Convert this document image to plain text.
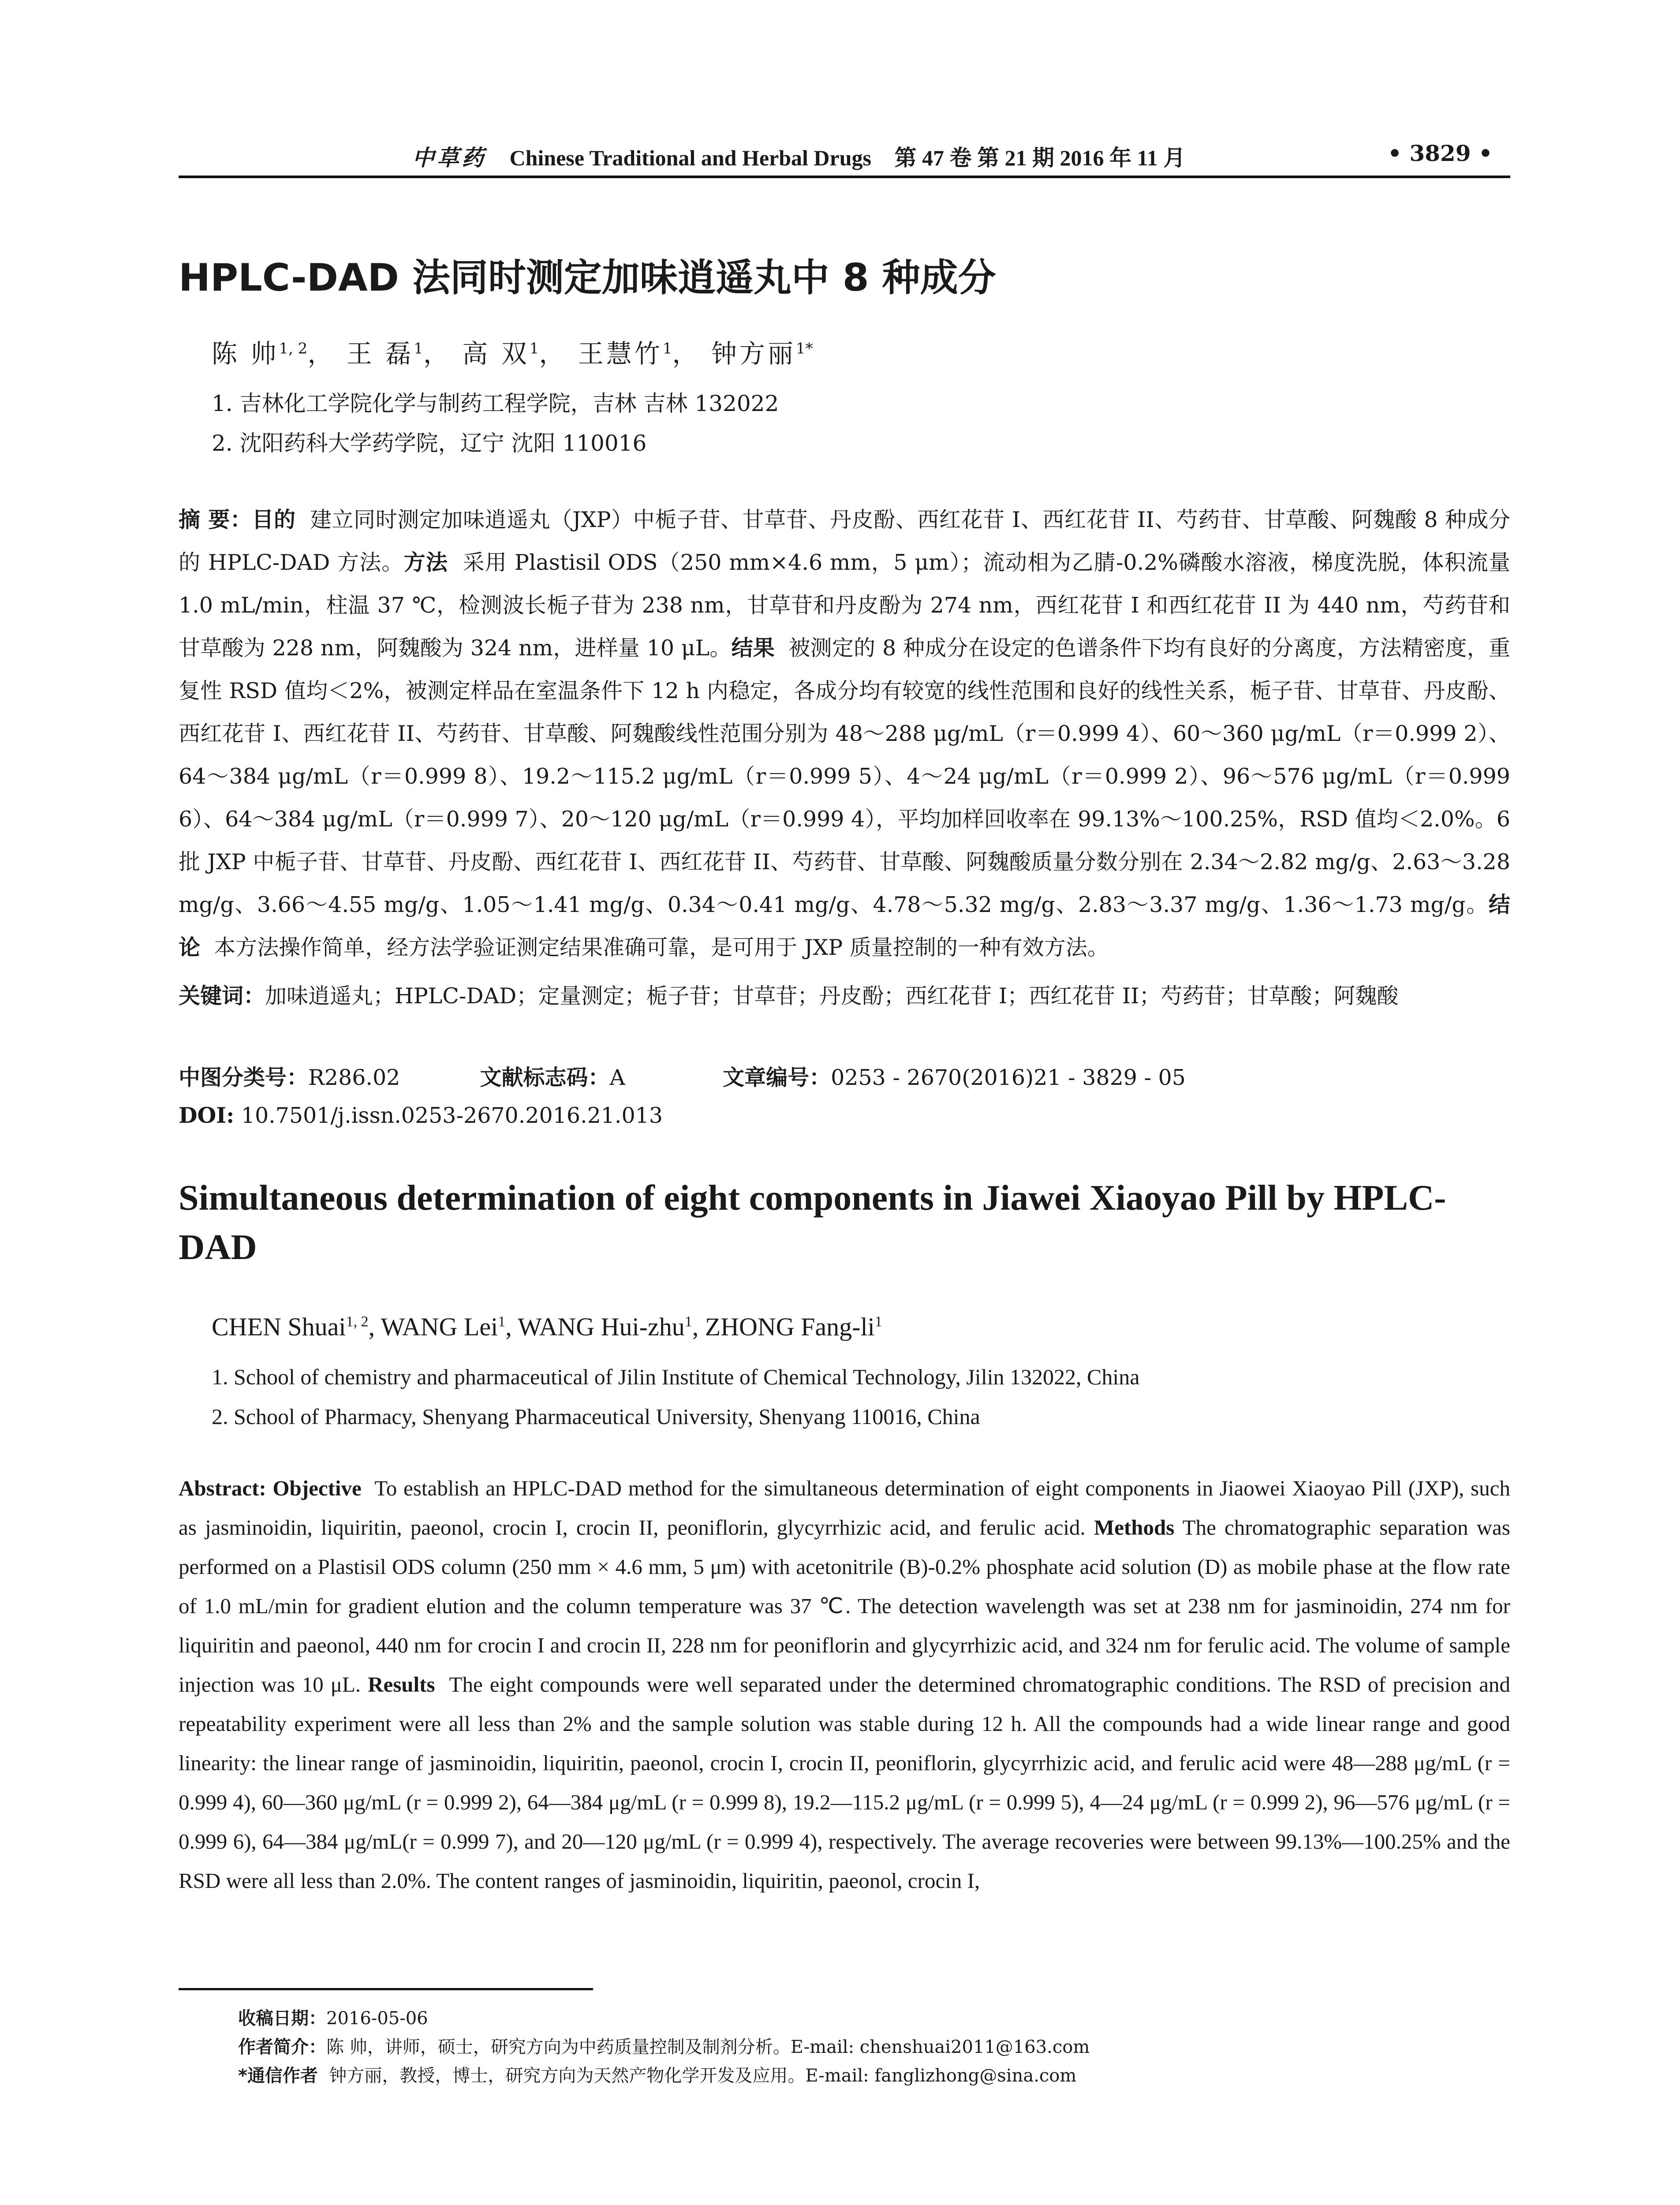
中草药 Chinese Traditional and Herbal Drugs 第 47 卷 第 21 期 2016 年 11 月	• 3829 •
HPLC-DAD 法同时测定加味逍遥丸中 8 种成分
陈 帅$^{1, 2}$， 王 磊$^1$， 高 双$^1$， 王慧竹$^1$， 钟方丽$^{1*}$
1. 吉林化工学院化学与制药工程学院，吉林 吉林 132022
2. 沈阳药科大学药学院，辽宁 沈阳 110016
摘 要：目的 建立同时测定加味逍遥丸（JXP）中栀子苷、甘草苷、丹皮酚、西红花苷 I、西红花苷 II、芍药苷、甘草酸、阿魏酸 8 种成分的 HPLC-DAD 方法。方法 采用 Plastisil ODS（250 mm×4.6 mm，5 μm）；流动相为乙腈-0.2%磷酸水溶液，梯度洗脱，体积流量 1.0 mL/min，柱温 37 ℃，检测波长栀子苷为 238 nm，甘草苷和丹皮酚为 274 nm，西红花苷 I 和西红花苷 II 为 440 nm，芍药苷和甘草酸为 228 nm，阿魏酸为 324 nm，进样量 10 μL。结果 被测定的 8 种成分在设定的色谱条件下均有良好的分离度，方法精密度，重复性 RSD 值均＜2%，被测定样品在室温条件下 12 h 内稳定，各成分均有较宽的线性范围和良好的线性关系，栀子苷、甘草苷、丹皮酚、西红花苷 I、西红花苷 II、芍药苷、甘草酸、阿魏酸线性范围分别为 48～288 μg/mL（r＝0.999 4）、60～360 μg/mL（r＝0.999 2）、64～384 μg/mL（r＝0.999 8）、19.2～115.2 μg/mL（r＝0.999 5）、4～24 μg/mL（r＝0.999 2）、96～576 μg/mL（r＝0.999 6）、64～384 μg/mL（r＝0.999 7）、20～120 μg/mL（r＝0.999 4），平均加样回收率在 99.13%～100.25%，RSD 值均＜2.0%。6 批 JXP 中栀子苷、甘草苷、丹皮酚、西红花苷 I、西红花苷 II、芍药苷、甘草酸、阿魏酸质量分数分别在 2.34～2.82 mg/g、2.63～3.28 mg/g、3.66～4.55 mg/g、1.05～1.41 mg/g、0.34～0.41 mg/g、4.78～5.32 mg/g、2.83～3.37 mg/g、1.36～1.73 mg/g。结论 本方法操作简单，经方法学验证测定结果准确可靠，是可用于 JXP 质量控制的一种有效方法。
关键词：加味逍遥丸；HPLC-DAD；定量测定；栀子苷；甘草苷；丹皮酚；西红花苷 I；西红花苷 II；芍药苷；甘草酸；阿魏酸
中图分类号：R286.02	文献标志码：A	文章编号：0253 - 2670(2016)21 - 3829 - 05
DOI: 10.7501/j.issn.0253-2670.2016.21.013
Simultaneous determination of eight components in Jiawei Xiaoyao Pill by HPLC-DAD
CHEN Shuai$^{1, 2}$, WANG Lei$^1$, WANG Hui-zhu$^1$, ZHONG Fang-$li^1$
1. School of chemistry and pharmaceutical of Jilin Institute of Chemical Technology, Jilin 132022, China
2. School of Pharmacy, Shenyang Pharmaceutical University, Shenyang 110016, China
Abstract: Objective To establish an HPLC-DAD method for the simultaneous determination of eight components in Jiaowei Xiaoyao Pill (JXP), such as jasminoidin, liquiritin, paeonol, crocin I, crocin II, peoniflorin, glycyrrhizic acid, and ferulic acid. Methods The chromatographic separation was performed on a Plastisil ODS column (250 mm × 4.6 mm, 5 μm) with acetonitrile (B)-0.2% phosphate acid solution (D) as mobile phase at the flow rate of 1.0 mL/min for gradient elution and the column temperature was 37 ℃. The detection wavelength was set at 238 nm for jasminoidin, 274 nm for liquiritin and paeonol, 440 nm for crocin I and crocin II, 228 nm for peoniflorin and glycyrrhizic acid, and 324 nm for ferulic acid. The volume of sample injection was 10 μL. Results The eight compounds were well separated under the determined chromatographic conditions. The RSD of precision and repeatability experiment were all less than 2% and the sample solution was stable during 12 h. All the compounds had a wide linear range and good linearity: the linear range of jasminoidin, liquiritin, paeonol, crocin I, crocin II, peoniflorin, glycyrrhizic acid, and ferulic acid were 48—288 μg/mL (r = 0.999 4), 60—360 μg/mL (r = 0.999 2), 64—384 μg/mL (r = 0.999 8), 19.2—115.2 μg/mL (r = 0.999 5), 4—24 μg/mL (r = 0.999 2), 96—576 μg/mL (r = 0.999 6), 64—384 μg/mL(r = 0.999 7), and 20—120 μg/mL (r = 0.999 4), respectively. The average recoveries were between 99.13%—100.25% and the RSD were all less than 2.0%. The content ranges of jasminoidin, liquiritin, paeonol, crocin I,
收稿日期：2016-05-06
作者简介：陈 帅，讲师，硕士，研究方向为中药质量控制及制剂分析。E-mail: chenshuai2011@163.com
*通信作者 钟方丽，教授，博士，研究方向为天然产物化学开发及应用。E-mail: fanglizhong@sina.com
